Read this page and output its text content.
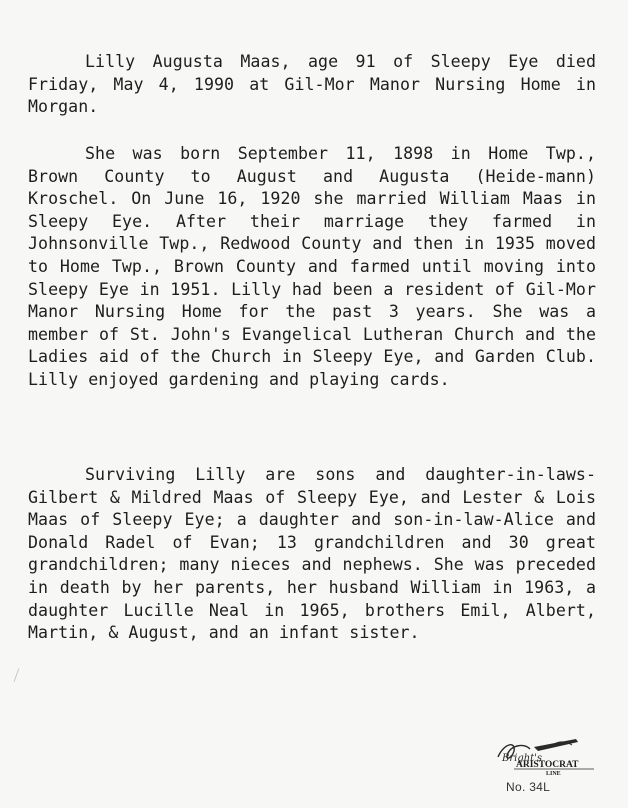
Lilly Augusta Maas, age 91 of Sleepy Eye died Friday, May 4, 1990 at Gil-Mor Manor Nursing Home in Morgan.
She was born September 11, 1898 in Home Twp., Brown County to August and Augusta (Heide-mann) Kroschel. On June 16, 1920 she married William Maas in Sleepy Eye. After their marriage they farmed in Johnsonville Twp., Redwood County and then in 1935 moved to Home Twp., Brown County and farmed until moving into Sleepy Eye in 1951. Lilly had been a resident of Gil-Mor Manor Nursing Home for the past 3 years. She was a member of St. John's Evangelical Lutheran Church and the Ladies aid of the Church in Sleepy Eye, and Garden Club. Lilly enjoyed gardening and playing cards.
Surviving Lilly are sons and daughter-in-laws-Gilbert & Mildred Maas of Sleepy Eye, and Lester & Lois Maas of Sleepy Eye; a daughter and son-in-law-Alice and Donald Radel of Evan; 13 grandchildren and 30 great grandchildren; many nieces and nephews. She was preceded in death by her parents, her husband William in 1963, a daughter Lucille Neal in 1965, brothers Emil, Albert, Martin, & August, and an infant sister.
Bright's
ARISTOCRAT
LINE
No. 34L
